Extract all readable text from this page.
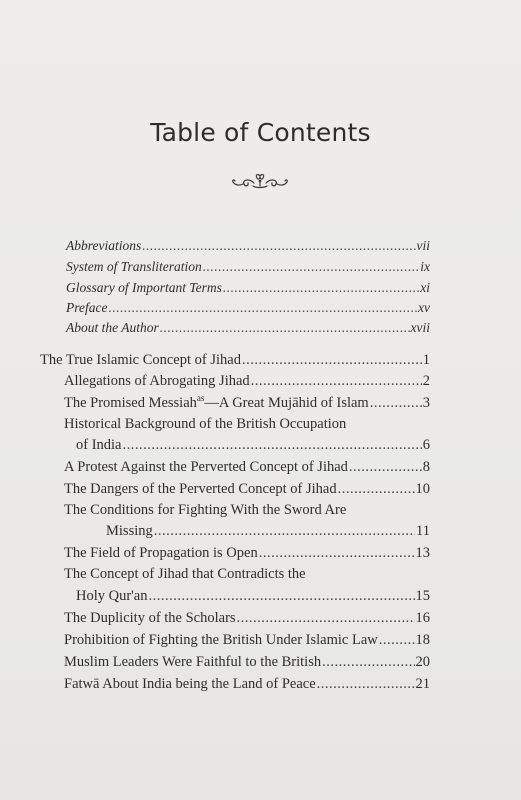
Table of Contents
Abbreviations .....	vii
System of Transliteration .....	ix
Glossary of Important Terms .....	xi
Preface .....	xv
About the Author .....	xvii
The True Islamic Concept of Jihad .....	1
Allegations of Abrogating Jihad .....	2
The Promised Messiah$^{as}$—A Great Mujāhid of Islam .....	3
Historical Background of the British Occupation
of India .....	6
A Protest Against the Perverted Concept of Jihad .....	8
The Dangers of the Perverted Concept of Jihad .....	10
The Conditions for Fighting With the Sword Are
Missing .....	11
The Field of Propagation is Open .....	13
The Concept of Jihad that Contradicts the
Holy Qur'an .....	15
The Duplicity of the Scholars .....	16
Prohibition of Fighting the British Under Islamic Law .....	18
Muslim Leaders Were Faithful to the British .....	20
Fatwā About India being the Land of Peace .....	21
